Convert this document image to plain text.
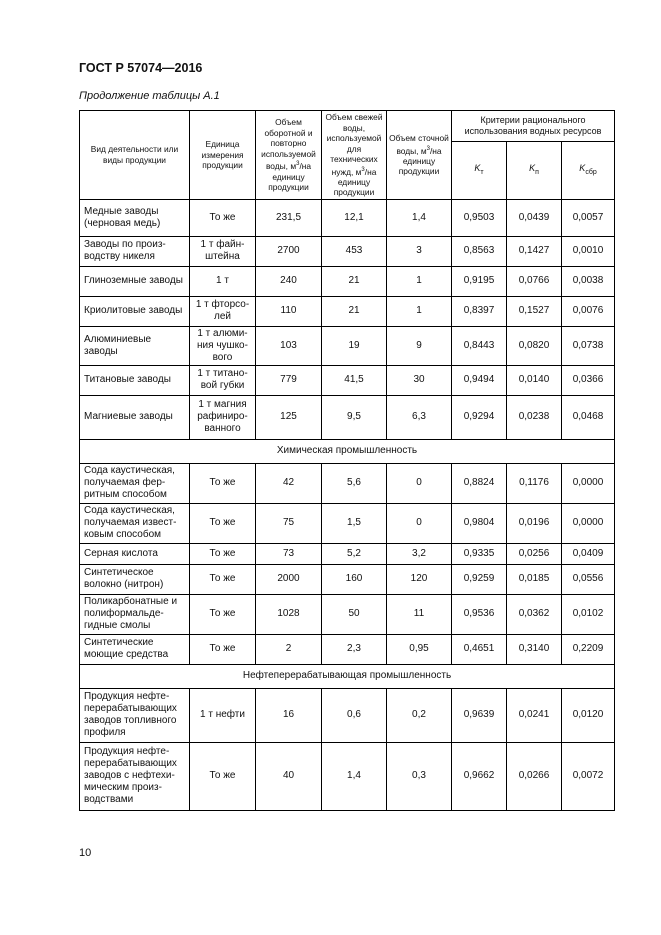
ГОСТ Р 57074—2016
Продолжение таблицы А.1
Вид деятельности или виды продукции	Единица измерения продукции	Объем оборотной и повторно используемой воды, $м^3/на$ единицу продукции	Объем свежей воды, используемой для технических нужд, $м^3/на$ единицу продукции	Объем сточной воды, $м^3/на$ единицу продукции	Критерии рационального использования водных ресурсов		
					$K_т$	$K_п$	$K_{сбр}$
Медные заводы (черновая медь)	То же	231,5	12,1	1,4	0,9503	0,0439	0,0057
Заводы по производству никеля	1 т файнштейна	2700	453	3	0,8563	0,1427	0,0010
Глиноземные заводы	1 т	240	21	1	0,9195	0,0766	0,0038
Криолитовые заводы	1 т фторсолей	110	21	1	0,8397	0,1527	0,0076
Алюминиевые заводы	1 т алюминия чушкового	103	19	9	0,8443	0,0820	0,0738
Титановые заводы	1 т титановой губки	779	41,5	30	0,9494	0,0140	0,0366
Магниевые заводы	1 т магния рафинированного	125	9,5	6,3	0,9294	0,0238	0,0468
Химическая промышленность							
Сода каустическая, получаемая ферритным способом	То же	42	5,6	0	0,8824	0,1176	0,0000
Сода каустическая, получаемая известковым способом	То же	75	1,5	0	0,9804	0,0196	0,0000
Серная кислота	То же	73	5,2	3,2	0,9335	0,0256	0,0409
Синтетическое волокно (нитрон)	То же	2000	160	120	0,9259	0,0185	0,0556
Поликарбонатные и полиформальдегидные смолы	То же	1028	50	11	0,9536	0,0362	0,0102
Синтетические моющие средства	То же	2	2,3	0,95	0,4651	0,3140	0,2209
Нефтеперерабатывающая промышленность							
Продукция нефтеперерабатывающих заводов топливного профиля	1 т нефти	16	0,6	0,2	0,9639	0,0241	0,0120
Продукция нефтеперерабатывающих заводов с нефтехимическим производствами	То же	40	1,4	0,3	0,9662	0,0266	0,0072
10
